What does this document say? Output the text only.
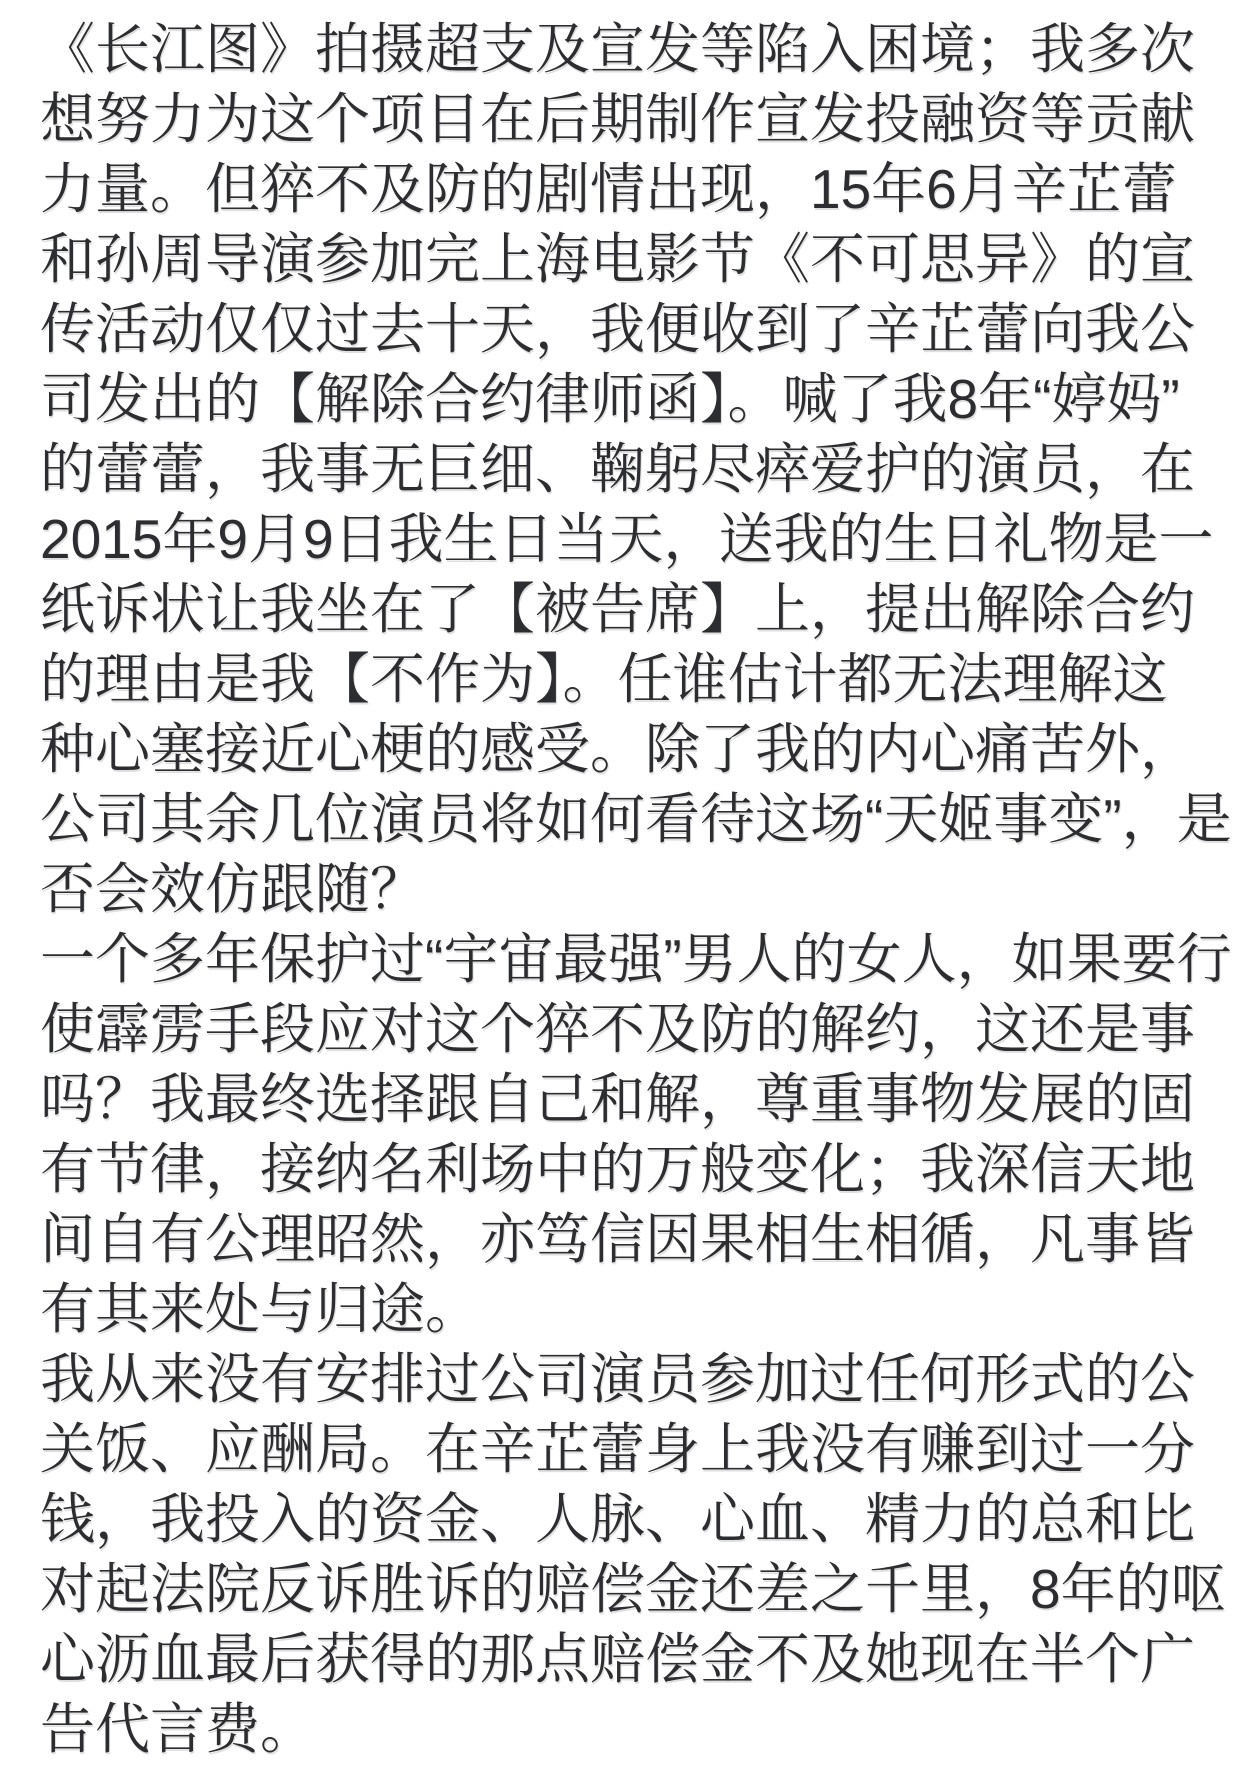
《长江图》拍摄超支及宣发等陷入困境；我多次
想努力为这个项目在后期制作宣发投融资等贡献
力量。但猝不及防的剧情出现，15年6月辛芷蕾
和孙周导演参加完上海电影节《不可思异》的宣
传活动仅仅过去十天，我便收到了辛芷蕾向我公
司发出的【解除合约律师函】。喊了我8年“婷妈”
的蕾蕾，我事无巨细、鞠躬尽瘁爱护的演员，在
2015年9月9日我生日当天，送我的生日礼物是一
纸诉状让我坐在了【被告席】上，提出解除合约
的理由是我【不作为】。任谁估计都无法理解这
种心塞接近心梗的感受。除了我的内心痛苦外，
公司其余几位演员将如何看待这场“天姬事变”，是
否会效仿跟随？
一个多年保护过“宇宙最强”男人的女人，如果要行
使霹雳手段应对这个猝不及防的解约，这还是事
吗？我最终选择跟自己和解，尊重事物发展的固
有节律，接纳名利场中的万般变化；我深信天地
间自有公理昭然，亦笃信因果相生相循，凡事皆
有其来处与归途。
我从来没有安排过公司演员参加过任何形式的公
关饭、应酬局。在辛芷蕾身上我没有赚到过一分
钱，我投入的资金、人脉、心血、精力的总和比
对起法院反诉胜诉的赔偿金还差之千里，8年的呕
心沥血最后获得的那点赔偿金不及她现在半个广
告代言费。
